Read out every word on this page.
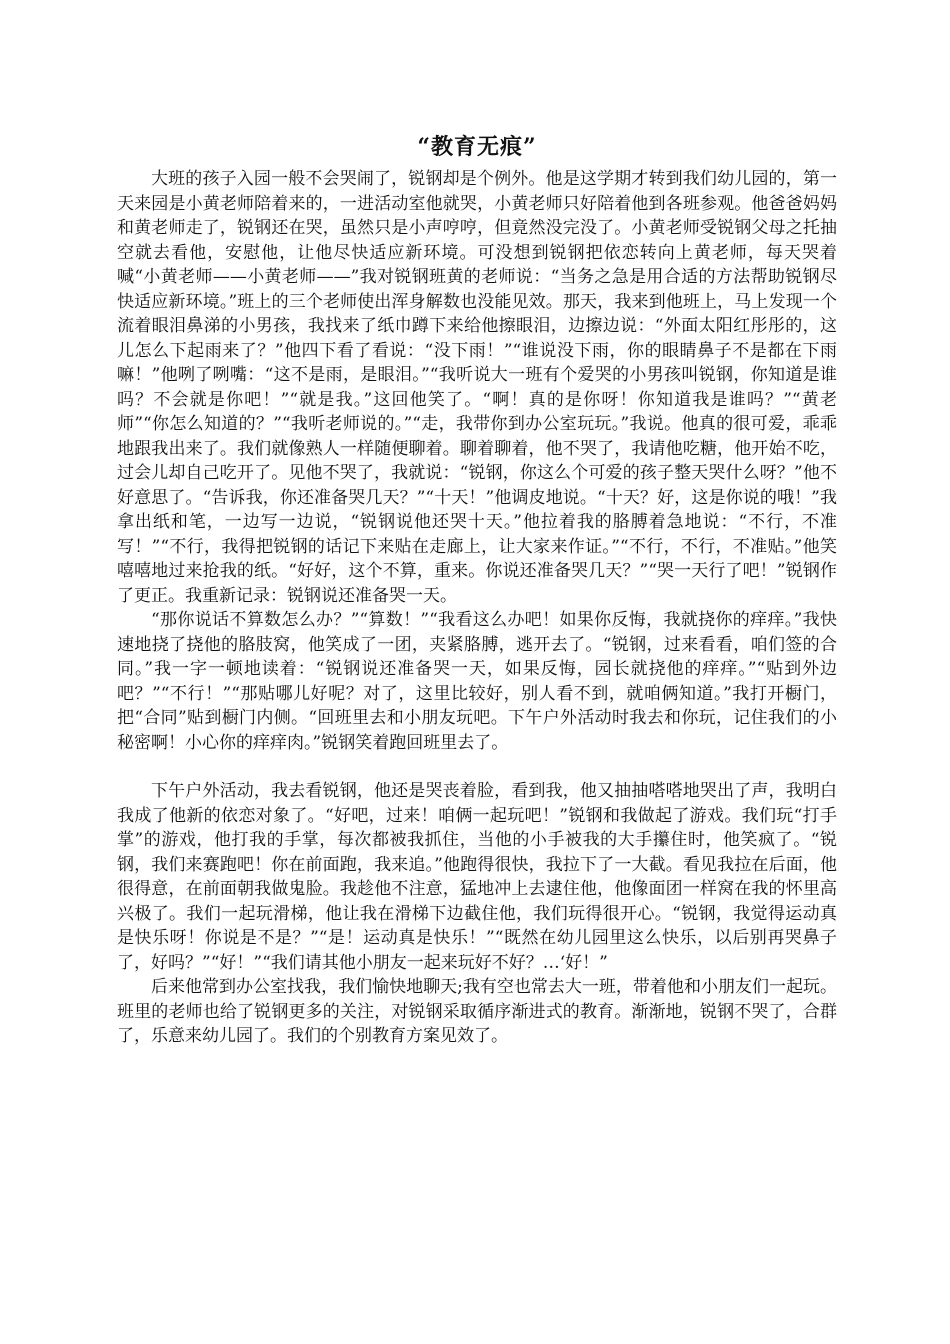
“教育无痕”

大班的孩子入园一般不会哭闹了，锐钢却是个例外。他是这学期才转到我们幼儿园的，第一天来园是小黄老师陪着来的，一进活动室他就哭，小黄老师只好陪着他到各班参观。他爸爸妈妈和黄老师走了，锐钢还在哭，虽然只是小声哼哼，但竟然没完没了。小黄老师受锐钢父母之托抽空就去看他，安慰他，让他尽快适应新环境。可没想到锐钢把依恋转向上黄老师，每天哭着喊“小黄老师——小黄老师——”我对锐钢班黄的老师说：“当务之急是用合适的方法帮助锐钢尽快适应新环境。”班上的三个老师使出浑身解数也没能见效。那天，我来到他班上，马上发现一个流着眼泪鼻涕的小男孩，我找来了纸巾蹲下来给他擦眼泪，边擦边说：“外面太阳红彤彤的，这儿怎么下起雨来了？”他四下看了看说：“没下雨！”“谁说没下雨，你的眼睛鼻子不是都在下雨嘛！”他咧了咧嘴：“这不是雨，是眼泪。”“我听说大一班有个爱哭的小男孩叫锐钢，你知道是谁吗？不会就是你吧！”“就是我。”这回他笑了。“啊！真的是你呀！你知道我是谁吗？”“黄老师”“你怎么知道的？”“我听老师说的。”“走，我带你到办公室玩玩。”我说。他真的很可爱，乖乖地跟我出来了。我们就像熟人一样随便聊着。聊着聊着，他不哭了，我请他吃糖，他开始不吃，过会儿却自己吃开了。见他不哭了，我就说：“锐钢，你这么个可爱的孩子整天哭什么呀？”他不好意思了。“告诉我，你还准备哭几天？”“十天！”他调皮地说。“十天？好，这是你说的哦！”我拿出纸和笔，一边写一边说，“锐钢说他还哭十天。”他拉着我的胳膊着急地说：“不行，不准写！”“不行，我得把锐钢的话记下来贴在走廊上，让大家来作证。”“不行，不行，不准贴。”他笑嘻嘻地过来抢我的纸。“好好，这个不算，重来。你说还准备哭几天？”“哭一天行了吧！”锐钢作了更正。我重新记录：锐钢说还准备哭一天。

“那你说话不算数怎么办？”“算数！”“我看这么办吧！如果你反悔，我就挠你的痒痒。”我快速地挠了挠他的胳肢窝，他笑成了一团，夹紧胳膊，逃开去了。“锐钢，过来看看，咱们签的合同。”我一字一顿地读着：“锐钢说还准备哭一天，如果反悔，园长就挠他的痒痒。”“贴到外边吧？”“不行！”“那贴哪儿好呢？对了，这里比较好，别人看不到，就咱俩知道。”我打开橱门，把“合同”贴到橱门内侧。“回班里去和小朋友玩吧。下午户外活动时我去和你玩，记住我们的小秘密啊！小心你的痒痒肉。”锐钢笑着跑回班里去了。

下午户外活动，我去看锐钢，他还是哭丧着脸，看到我，他又抽抽嗒嗒地哭出了声，我明白我成了他新的依恋对象了。“好吧，过来！咱俩一起玩吧！”锐钢和我做起了游戏。我们玩“打手掌”的游戏，他打我的手掌，每次都被我抓住，当他的小手被我的大手攥住时，他笑疯了。“锐钢，我们来赛跑吧！你在前面跑，我来追。”他跑得很快，我拉下了一大截。看见我拉在后面，他很得意，在前面朝我做鬼脸。我趁他不注意，猛地冲上去逮住他，他像面团一样窝在我的怀里高兴极了。我们一起玩滑梯，他让我在滑梯下边截住他，我们玩得很开心。“锐钢，我觉得运动真是快乐呀！你说是不是？”“是！运动真是快乐！”“既然在幼儿园里这么快乐，以后别再哭鼻子了，好吗？”“好！”“我们请其他小朋友一起来玩好不好？…‘好！”

后来他常到办公室找我，我们愉快地聊天;我有空也常去大一班，带着他和小朋友们一起玩。班里的老师也给了锐钢更多的关注，对锐钢采取循序渐进式的教育。渐渐地，锐钢不哭了，合群了，乐意来幼儿园了。我们的个别教育方案见效了。
